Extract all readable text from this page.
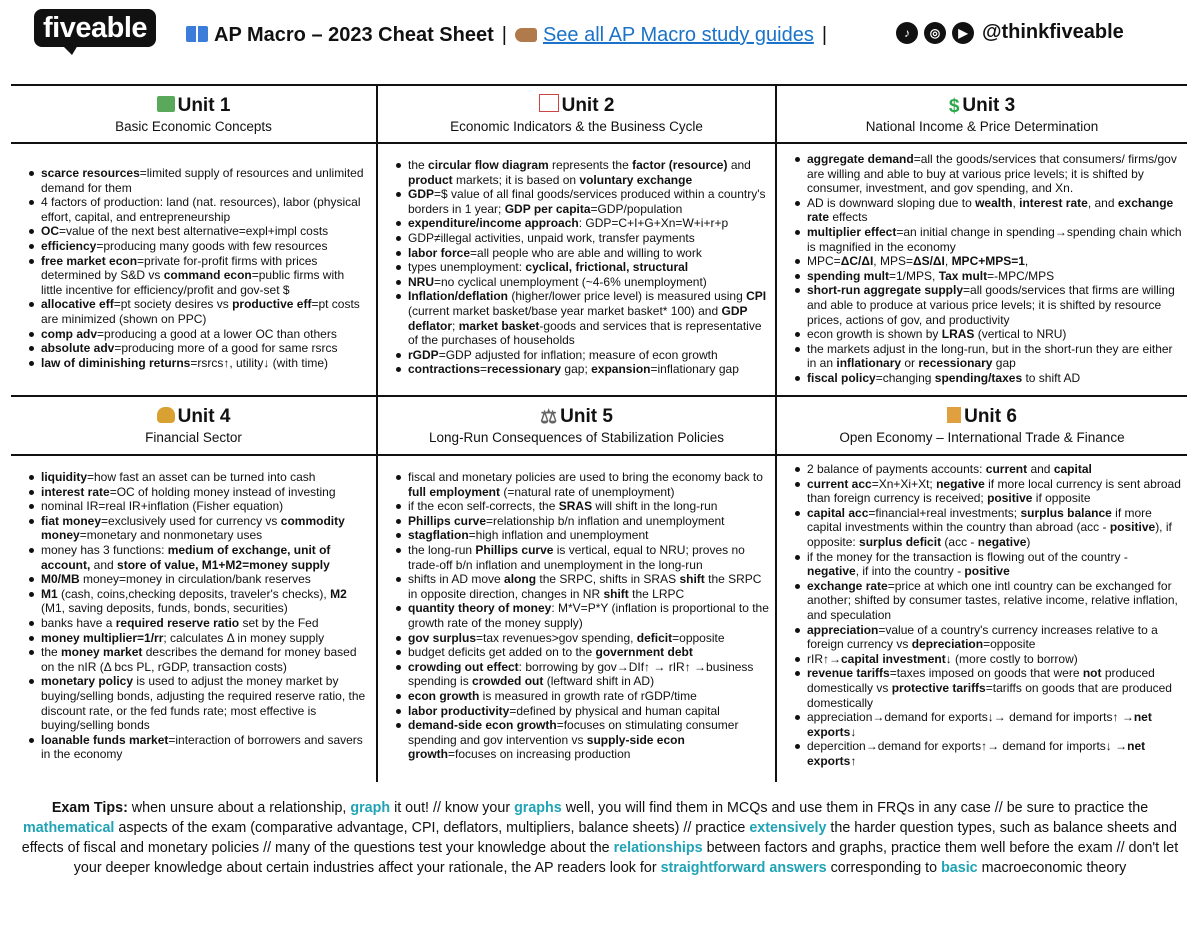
fiveable	AP Macro – 2023 Cheat Sheet | See all AP Macro study guides |	♪ ◎ ▶ @thinkfiveable
Unit 1
Basic Economic Concepts
scarce resources=limited supply of resources and unlimited demand for them
4 factors of production: land (nat. resources), labor (physical effort, capital, and entrepreneurship
OC=value of the next best alternative=expl+impl costs
efficiency=producing many goods with few resources
free market econ=private for-profit firms with prices determined by S&D vs command econ=public firms with little incentive for efficiency/profit and gov-set $
allocative eff=pt society desires vs productive eff=pt costs are minimized (shown on PPC)
comp adv=producing a good at a lower OC than others
absolute adv=producing more of a good for same rsrcs
law of diminishing returns=rsrcs↑, utility↓ (with time)
Unit 2
Economic Indicators & the Business Cycle
the circular flow diagram represents the factor (resource) and product markets; it is based on voluntary exchange
GDP=$ value of all final goods/services produced within a country's borders in 1 year; GDP per capita=GDP/population
expenditure/income approach: GDP=C+I+G+Xn=W+i+r+p
GDP≠illegal activities, unpaid work, transfer payments
labor force=all people who are able and willing to work
types unemployment: cyclical, frictional, structural
NRU=no cyclical unemployment (~4-6% unemployment)
Inflation/deflation (higher/lower price level) is measured using CPI (current market basket/base year market basket* 100) and GDP deflator; market basket-goods and services that is representative of the purchases of households
rGDP=GDP adjusted for inflation; measure of econ growth
contractions=recessionary gap; expansion=inflationary gap
$ Unit 3
National Income & Price Determination
aggregate demand=all the goods/services that consumers/ firms/gov are willing and able to buy at various price levels; it is shifted by consumer, investment, and gov spending, and Xn.
AD is downward sloping due to wealth, interest rate, and exchange rate effects
multiplier effect=an initial change in spending→spending chain which is magnified in the economy
MPC=ΔC/ΔI, MPS=ΔS/ΔI, MPC+MPS=1,
spending mult=1/MPS, Tax mult=-MPC/MPS
short-run aggregate supply=all goods/services that firms are willing and able to produce at various price levels; it is shifted by resource prices, actions of gov, and productivity
econ growth is shown by LRAS (vertical to NRU)
the markets adjust in the long-run, but in the short-run they are either in an inflationary or recessionary gap
fiscal policy=changing spending/taxes to shift AD
Unit 4
Financial Sector
liquidity=how fast an asset can be turned into cash
interest rate=OC of holding money instead of investing
nominal IR=real IR+inflation (Fisher equation)
fiat money=exclusively used for currency vs commodity money=monetary and nonmonetary uses
money has 3 functions: medium of exchange, unit of account, and store of value, M1+M2=money supply
M0/MB money=money in circulation/bank reserves
M1 (cash, coins,checking deposits, traveler's checks), M2 (M1, saving deposits, funds, bonds, securities)
banks have a required reserve ratio set by the Fed
money multiplier=1/rr; calculates Δ in money supply
the money market describes the demand for money based on the nIR (Δ bcs PL, rGDP, transaction costs)
monetary policy is used to adjust the money market by buying/selling bonds, adjusting the required reserve ratio, the discount rate, or the fed funds rate; most effective is buying/selling bonds
loanable funds market=interaction of borrowers and savers in the economy
⚖ Unit 5
Long-Run Consequences of Stabilization Policies
fiscal and monetary policies are used to bring the economy back to full employment (=natural rate of unemployment)
if the econ self-corrects, the SRAS will shift in the long-run
Phillips curve=relationship b/n inflation and unemployment
stagflation=high inflation and unemployment
the long-run Phillips curve is vertical, equal to NRU; proves no trade-off b/n inflation and unemployment in the long-run
shifts in AD move along the SRPC, shifts in SRAS shift the SRPC in opposite direction, changes in NR shift the LRPC
quantity theory of money: M*V=P*Y (inflation is proportional to the growth rate of the money supply)
gov surplus=tax revenues>gov spending, deficit=opposite
budget deficits get added on to the government debt
crowding out effect: borrowing by gov→DIf↑ → rIR↑ →business spending is crowded out (leftward shift in AD)
econ growth is measured in growth rate of rGDP/time
labor productivity=defined by physical and human capital
demand-side econ growth=focuses on stimulating consumer spending and gov intervention vs supply-side econ growth=focuses on increasing production
Unit 6
Open Economy – International Trade & Finance
2 balance of payments accounts: current and capital
current acc=Xn+Xi+Xt; negative if more local currency is sent abroad than foreign currency is received; positive if opposite
capital acc=financial+real investments; surplus balance if more capital investments within the country than abroad (acc - positive), if opposite: surplus deficit (acc - negative)
if the money for the transaction is flowing out of the country - negative, if into the country - positive
exchange rate=price at which one intl country can be exchanged for another; shifted by consumer tastes, relative income, relative inflation, and speculation
appreciation=value of a country's currency increases relative to a foreign currency vs depreciation=opposite
rIR↑→capital investment↓ (more costly to borrow)
revenue tariffs=taxes imposed on goods that were not produced domestically vs protective tariffs=tariffs on goods that are produced domestically
appreciation→demand for exports↓→ demand for imports↑ →net exports↓
depercition→demand for exports↑→ demand for imports↓ →net exports↑
Exam Tips: when unsure about a relationship, graph it out! // know your graphs well, you will find them in MCQs and use them in FRQs in any case // be sure to practice the mathematical aspects of the exam (comparative advantage, CPI, deflators, multipliers, balance sheets) // practice extensively the harder question types, such as balance sheets and effects of fiscal and monetary policies // many of the questions test your knowledge about the relationships between factors and graphs, practice them well before the exam // don't let your deeper knowledge about certain industries affect your rationale, the AP readers look for straightforward answers corresponding to basic macroeconomic theory
